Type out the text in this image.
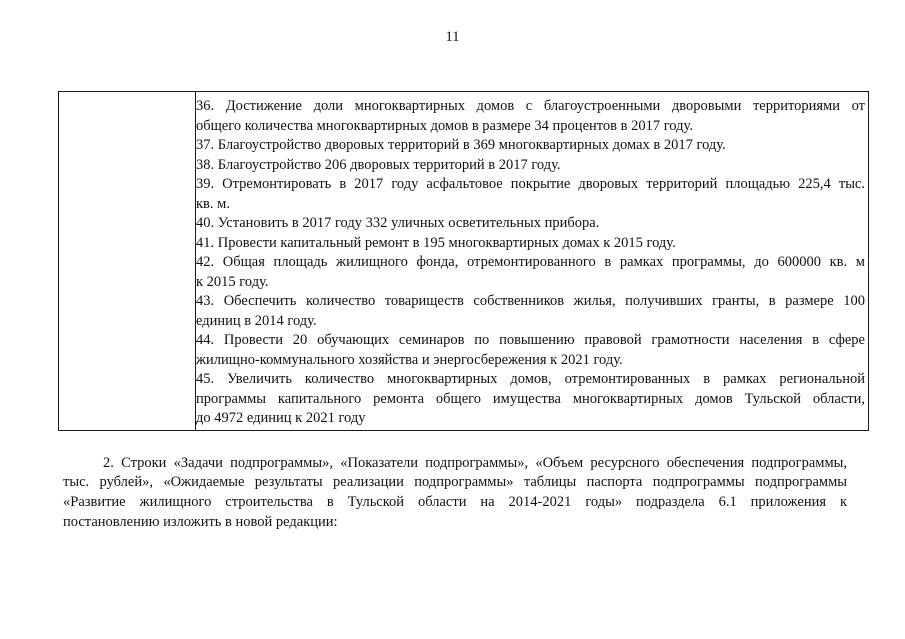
11
36. Достижение доли многоквартирных домов с благоустроенными дворовыми территориями от
общего количества многоквартирных домов в размере 34 процентов в 2017 году.
37. Благоустройство дворовых территорий в 369 многоквартирных домах в 2017 году.
38. Благоустройство 206 дворовых территорий в 2017 году.
39. Отремонтировать в 2017 году асфальтовое покрытие дворовых территорий площадью 225,4 тыс.
кв. м.
40. Установить в 2017 году 332 уличных осветительных прибора.
41. Провести капитальный ремонт в 195 многоквартирных домах к 2015 году.
42. Общая площадь жилищного фонда, отремонтированного в рамках программы, до 600000 кв. м
к 2015 году.
43. Обеспечить количество товариществ собственников жилья, получивших гранты, в размере 100
единиц в 2014 году.
44. Провести 20 обучающих семинаров по повышению правовой грамотности населения в сфере
жилищно-коммунального хозяйства и энергосбережения к 2021 году.
45. Увеличить количество многоквартирных домов, отремонтированных в рамках региональной
программы капитального ремонта общего имущества многоквартирных домов Тульской области,
до 4972 единиц к 2021 году
2. Строки «Задачи подпрограммы», «Показатели подпрограммы», «Объем ресурсного обеспечения подпрограммы,
тыс. рублей», «Ожидаемые результаты реализации подпрограммы» таблицы паспорта подпрограммы подпрограммы
«Развитие жилищного строительства в Тульской области на 2014-2021 годы» подраздела 6.1 приложения к
постановлению изложить в новой редакции:
